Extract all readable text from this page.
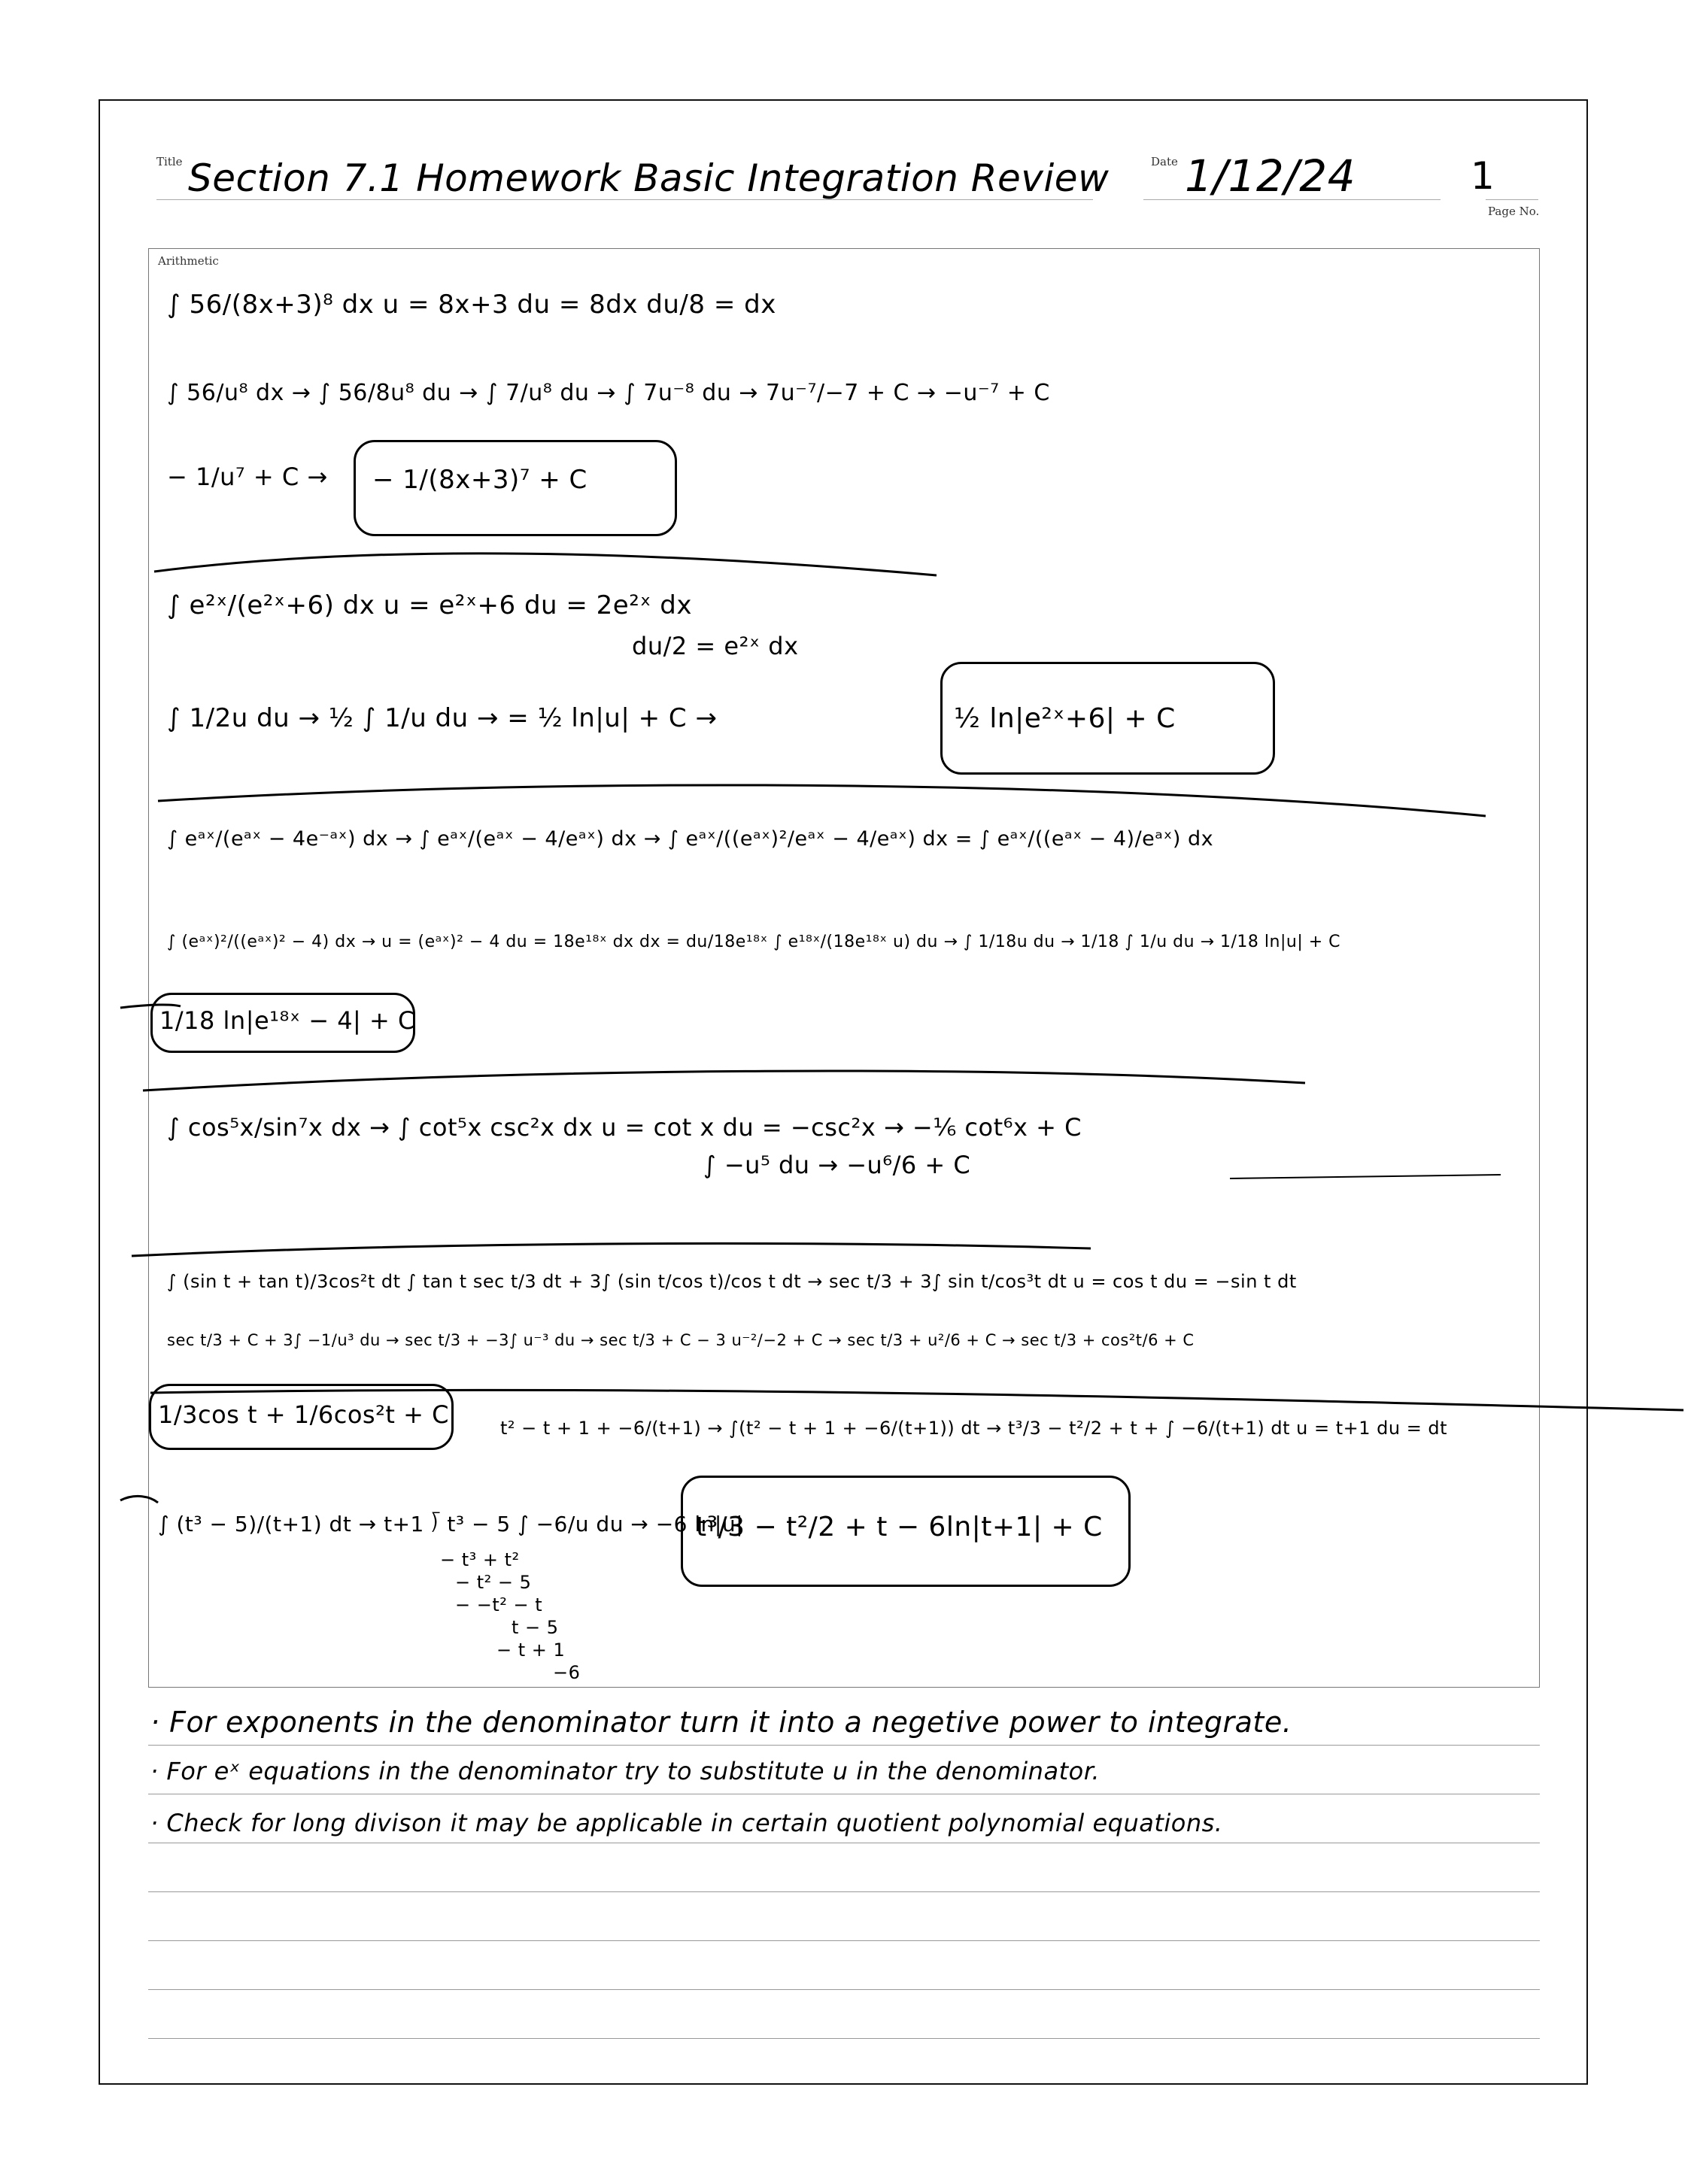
Title Section 7.1 Homework Basic Integration Review	Date 1/12/24	1
Page No.
Arithmetic
∫ 56/(8x+3)⁸ dx u = 8x+3 du = 8dx du/8 = dx
∫ 56/u⁸ dx → ∫ 56/8u⁸ du → ∫ 7/u⁸ du → ∫ 7u⁻⁸ du → 7u⁻⁷/−7 + C → −u⁻⁷ + C
− 1/u⁷ + C → − 1/(8x+3)⁷ + C
∫ e²ˣ/(e²ˣ+6) dx u = e²ˣ+6 du = 2e²ˣ dx
du/2 = e²ˣ dx
∫ 1/2u du → ½ ∫ 1/u du → = ½ ln|u| + C →	½ ln|e²ˣ+6| + C
∫ eᵃˣ/(eᵃˣ − 4e⁻ᵃˣ) dx → ∫ eᵃˣ/(eᵃˣ − 4/eᵃˣ) dx → ∫ eᵃˣ/((eᵃˣ)²/eᵃˣ − 4/eᵃˣ) dx = ∫ eᵃˣ/((eᵃˣ − 4)/eᵃˣ) dx
∫ (eᵃˣ)²/((eᵃˣ)² − 4) dx → u = (eᵃˣ)² − 4 du = 18e¹⁸ˣ dx dx = du/18e¹⁸ˣ ∫ e¹⁸ˣ/(18e¹⁸ˣ u) du → ∫ 1/18u du → 1/18 ∫ 1/u du → 1/18 ln|u| + C
1/18 ln|e¹⁸ˣ − 4| + C
∫ cos⁵x/sin⁷x dx → ∫ cot⁵x csc²x dx u = cot x du = −csc²x → −⅙ cot⁶x + C
∫ −u⁵ du → −u⁶/6 + C
∫ (sin t + tan t)/3cos²t dt ∫ tan t sec t/3 dt + 3∫ (sin t/cos t)/cos t dt → sec t/3 + 3∫ sin t/cos³t dt u = cos t du = −sin t dt
sec t/3 + C + 3∫ −1/u³ du → sec t/3 + −3∫ u⁻³ du → sec t/3 + C − 3 u⁻²/−2 + C → sec t/3 + u²/6 + C → sec t/3 + cos²t/6 + C
1/3cos t + 1/6cos²t + C	t² − t + 1 + −6/(t+1) → ∫(t² − t + 1 + −6/(t+1)) dt → t³/3 − t²/2 + t + ∫ −6/(t+1) dt u = t+1 du = dt
∫ (t³ − 5)/(t+1) dt → t+1 ⟌ t³ − 5 ∫ −6/u du → −6 ln|u|
− t³ + t²
− t² − 5
− −t² − t
t − 5
− t + 1
−6
t³/3 − t²/2 + t − 6ln|t+1| + C
· For exponents in the denominator turn it into a negetive power to integrate.
· For eˣ equations in the denominator try to substitute u in the denominator.
· Check for long divison it may be applicable in certain quotient polynomial equations.
